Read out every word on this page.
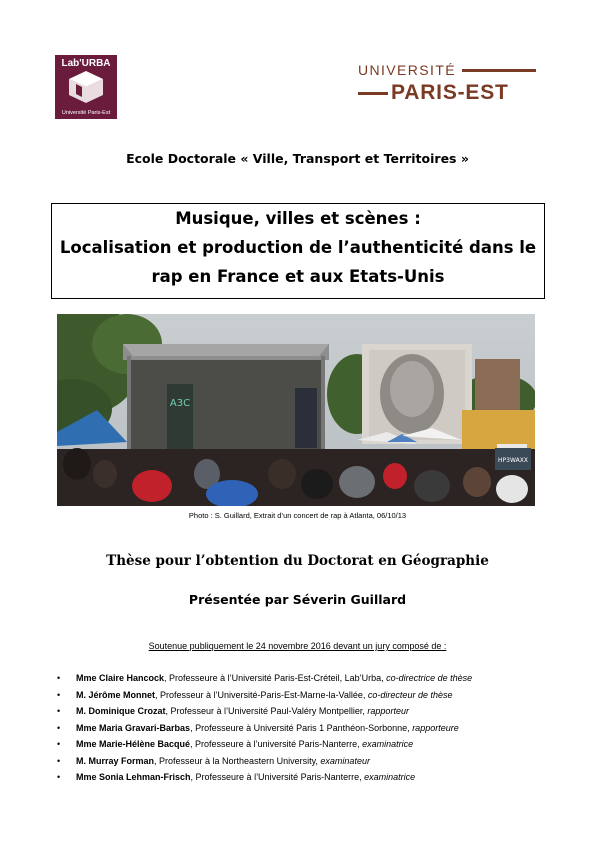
Lab'URBA
Université Paris-Est
UNIVERSITÉ
PARIS-EST
Ecole Doctorale « Ville, Transport et Territoires »
Musique, villes et scènes :
Localisation et production de l’authenticité dans le
rap en France et aux Etats-Unis
A3C
HP3WAXX
Photo : S. Guillard, Extrait d’un concert de rap à Atlanta, 06/10/13
Thèse pour l’obtention du Doctorat en Géographie
Présentée par Séverin Guillard
Soutenue publiquement le 24 novembre 2016 devant un jury composé de :
• Mme Claire Hancock, Professeure à l’Université Paris-Est-Créteil, Lab’Urba, co-directrice de thèse
• M. Jérôme Monnet, Professeur à l’Université-Paris-Est-Marne-la-Vallée, co-directeur de thèse
• M. Dominique Crozat, Professeur à l’Université Paul-Valéry Montpellier, rapporteur
• Mme Maria Gravari-Barbas, Professeure à Université Paris 1 Panthéon-Sorbonne, rapporteure
• Mme Marie-Hélène Bacqué, Professeure à l’université Paris-Nanterre, examinatrice
• M. Murray Forman, Professeur à la Northeastern University, examinateur
• Mme Sonia Lehman-Frisch, Professeure à l’Université Paris-Nanterre, examinatrice
